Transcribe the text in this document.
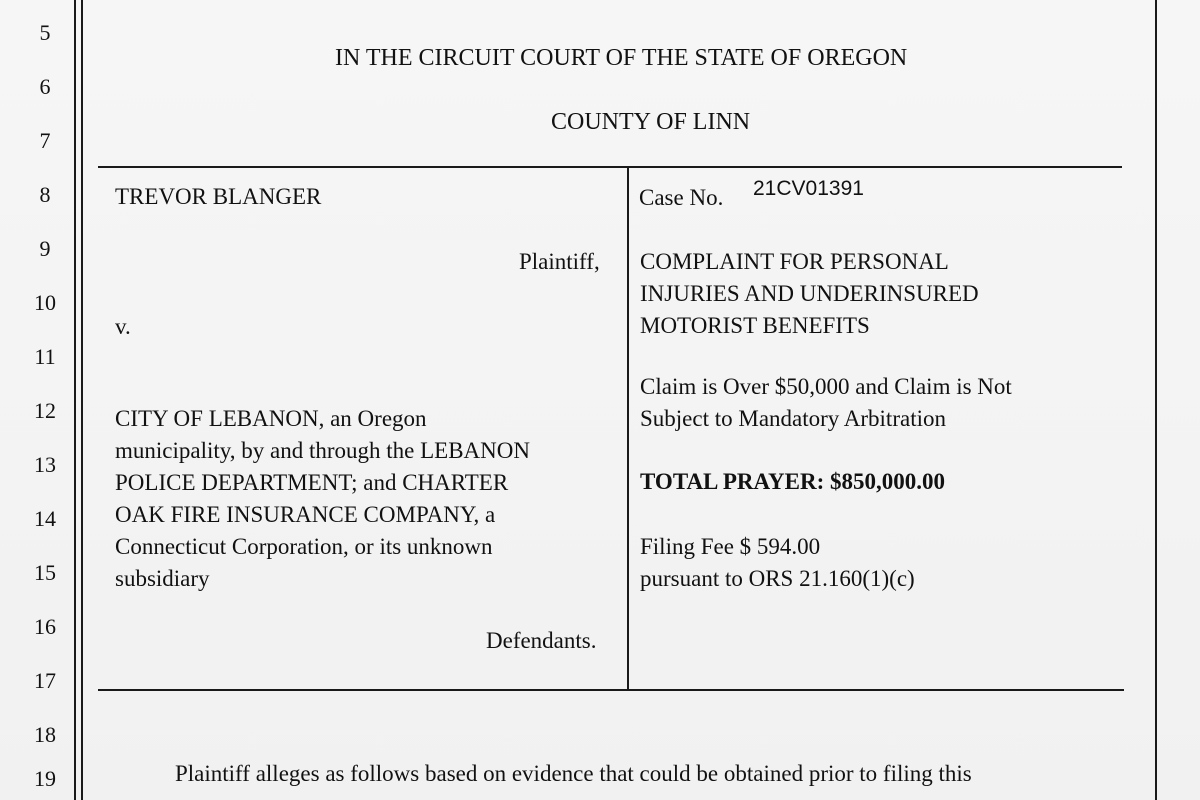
5
6
7
8
9
10
11
12
13
14
15
16
17
18
19
IN THE CIRCUIT COURT OF THE STATE OF OREGON
COUNTY OF LINN
TREVOR BLANGER
Plaintiff,
v.
CITY OF LEBANON, an Oregon
municipality, by and through the LEBANON
POLICE DEPARTMENT; and CHARTER
OAK FIRE INSURANCE COMPANY, a
Connecticut Corporation, or its unknown
subsidiary
Defendants.
Case No. 21CV01391
COMPLAINT FOR PERSONAL
INJURIES AND UNDERINSURED
MOTORIST BENEFITS
Claim is Over $50,000 and Claim is Not
Subject to Mandatory Arbitration
TOTAL PRAYER: $850,000.00
Filing Fee $ 594.00
pursuant to ORS 21.160(1)(c)
Plaintiff alleges as follows based on evidence that could be obtained prior to filing this
